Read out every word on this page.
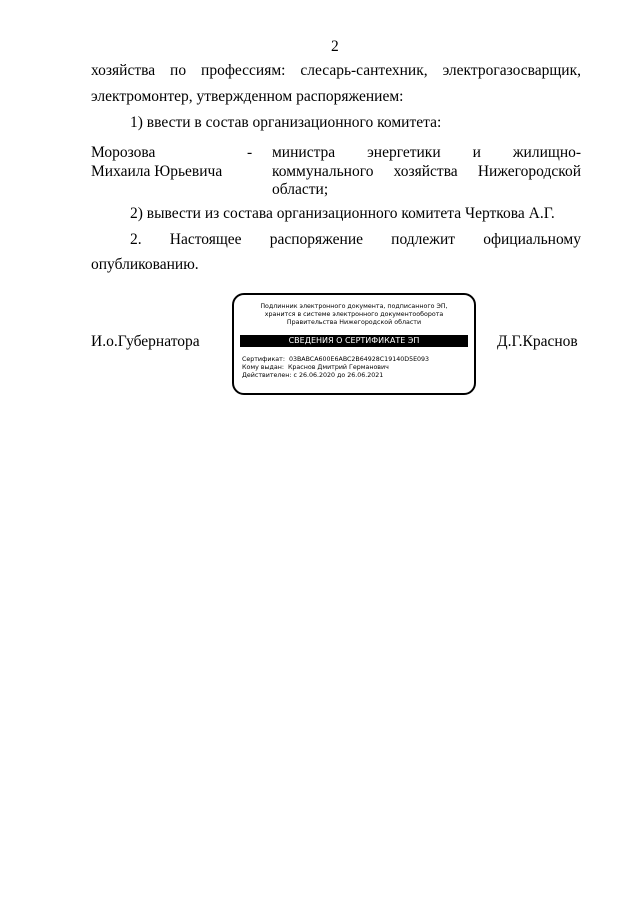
2
хозяйства по профессиям: слесарь-сантехник, электрогазосварщик,
электромонтер, утвержденном распоряжением:
1) ввести в состав организационного комитета:
Морозова
Михаила Юрьевича
- министра энергетики и жилищно-
коммунального хозяйства Нижегородской
области;
2) вывести из состава организационного комитета Черткова А.Г.
2. Настоящее распоряжение подлежит официальному
опубликованию.
И.о.Губернатора	Д.Г.Краснов
Подлинник электронного документа, подписанного ЭП,
хранится в системе электронного документооборота
Правительства Нижегородской области
СВЕДЕНИЯ О СЕРТИФИКАТЕ ЭП
Сертификат:  03BABCA600E6ABC2B64928C19140D5E093
Кому выдан:  Краснов Дмитрий Германович
Действителен: с 26.06.2020 до 26.06.2021
